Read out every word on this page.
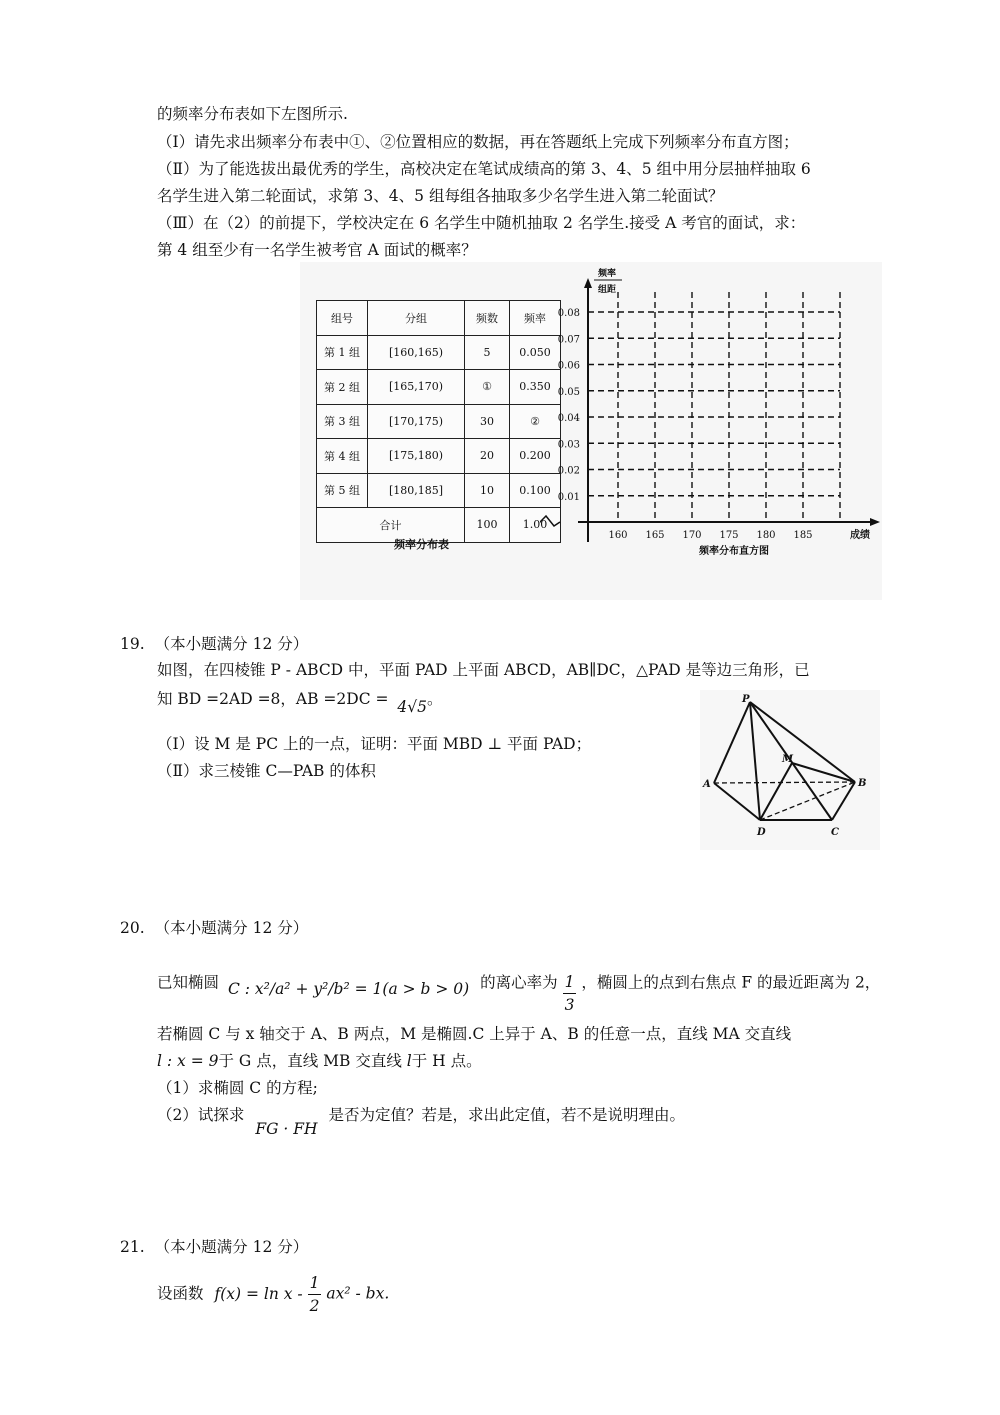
的频率分布表如下左图所示.
（I）请先求出频率分布表中①、②位置相应的数据，再在答题纸上完成下列频率分布直方图；
（Ⅱ）为了能选拔出最优秀的学生，高校决定在笔试成绩高的第 3、4、5 组中用分层抽样抽取 6
名学生进入第二轮面试，求第 3、4、5 组每组各抽取多少名学生进入第二轮面试？
（Ⅲ）在（2）的前提下，学校决定在 6 名学生中随机抽取 2 名学生.接受 A 考官的面试，求：
第 4 组至少有一名学生被考官 A 面试的概率？
组号	分组	频数	频率
第 1 组	[160,165)	5	0.050
第 2 组	[165,170)	①	0.350
第 3 组	[170,175)	30	②
第 4 组	[175,180)	20	0.200
第 5 组	[180,185]	10	0.100
合计		100	1.00
频率分布表
0.01
0.02
0.03
0.04
0.05
0.06
0.07
0.08
160 165 170 175 180 185
频率
组距
成绩
频率分布直方图
19. （本小题满分 12 分）
如图，在四棱锥 P - ABCD 中，平面 PAD 上平面 ABCD，AB∥DC，△PAD 是等边三角形，已
知 BD =2AD =8，AB =2DC = 4√5。
（I）设 M 是 PC 上的一点，证明：平面 MBD ⊥ 平面 PAD；
（Ⅱ）求三棱锥 C—PAB 的体积
P
A
M
B
D	C
20. （本小题满分 12 分）
已知椭圆 C : x²/a² + y²/b² = 1(a > b > 0) 的离心率为 $\frac{1}{3}$ ，椭圆上的点到右焦点 F 的最近距离为 2，
若椭圆 C 与 x 轴交于 A、B 两点，M 是椭圆.C 上异于 A、B 的任意一点，直线 MA 交直线
l : x = 9于 G 点，直线 MB 交直线 l于 H 点。
（1）求椭圆 C 的方程;
（2）试探求 FG · FH 是否为定值？若是，求出此定值，若不是说明理由。
21. （本小题满分 12 分）
设函数 $f(x) = \ln x - \frac{1}{2} ax^2$ - bx.
